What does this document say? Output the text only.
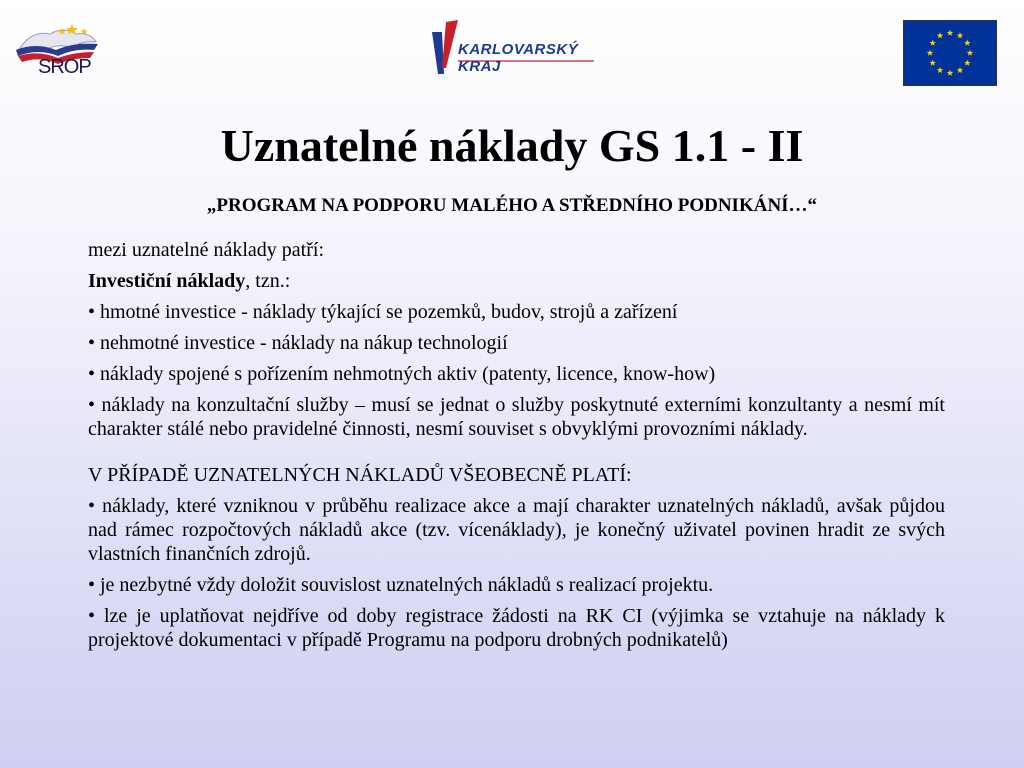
SROP
KARLOVARSKÝ
KRAJ
Uznatelné náklady GS 1.1 - II
„PROGRAM NA PODPORU MALÉHO A STŘEDNÍHO PODNIKÁNÍ…“

mezi uznatelné náklady patří:

Investiční náklady, tzn.:

• hmotné investice - náklady týkající se pozemků, budov, strojů a zařízení

• nehmotné investice - náklady na nákup technologií

• náklady spojené s pořízením nehmotných aktiv (patenty, licence, know-how)

• náklady na konzultační služby – musí se jednat o služby poskytnuté externími konzultanty a nesmí mít charakter stálé nebo pravidelné činnosti, nesmí souviset s obvyklými provozními náklady.

V PŘÍPADĚ UZNATELNÝCH NÁKLADŮ VŠEOBECNĚ PLATÍ:

• náklady, které vzniknou v průběhu realizace akce a mají charakter uznatelných nákladů, avšak půjdou nad rámec rozpočtových nákladů akce (tzv. vícenáklady), je konečný uživatel povinen hradit ze svých vlastních finančních zdrojů.

• je nezbytné vždy doložit souvislost uznatelných nákladů s realizací projektu.

• lze je uplatňovat nejdříve od doby registrace žádosti na RK CI (výjimka se vztahuje na náklady k projektové dokumentaci v případě Programu na podporu drobných podnikatelů)
